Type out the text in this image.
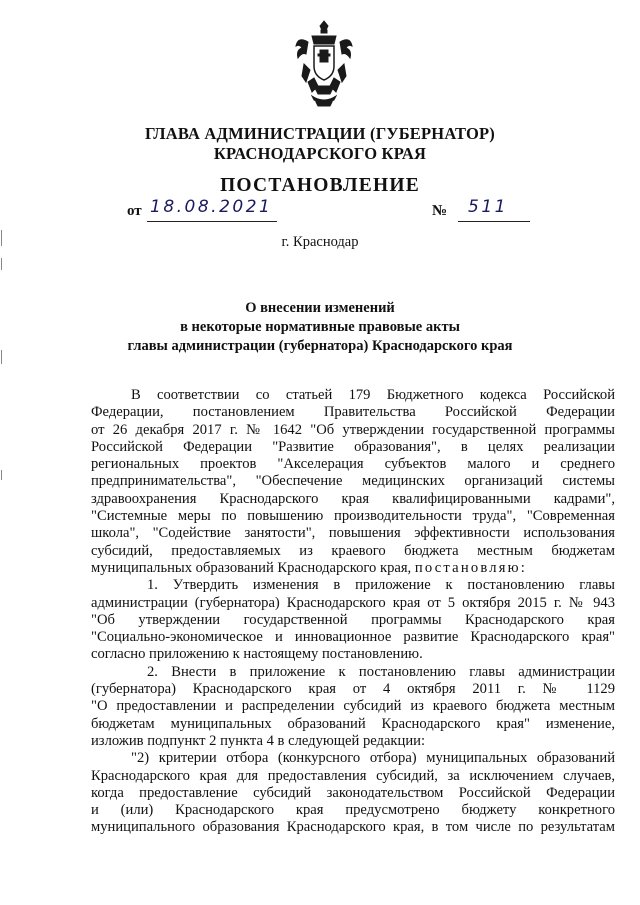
ГЛАВА АДМИНИСТРАЦИИ (ГУБЕРНАТОР)
КРАСНОДАРСКОГО КРАЯ
ПОСТАНОВЛЕНИЕ
от 18.08.2021	№ 511
г. Краснодар
О внесении изменений
в некоторые нормативные правовые акты
главы администрации (губернатора) Краснодарского края
В соответствии со статьей 179 Бюджетного кодекса Российской
Федерации, постановлением Правительства Российской Федерации
от 26 декабря 2017 г. № 1642 "Об утверждении государственной программы
Российской Федерации "Развитие образования", в целях реализации
региональных проектов "Акселерация субъектов малого и среднего
предпринимательства", "Обеспечение медицинских организаций системы
здравоохранения Краснодарского края квалифицированными кадрами",
"Системные меры по повышению производительности труда", "Современная
школа", "Содействие занятости", повышения эффективности использования
субсидий, предоставляемых из краевого бюджета местным бюджетам
муниципальных образований Краснодарского края, постановляю:
1. Утвердить изменения в приложение к постановлению главы
администрации (губернатора) Краснодарского края от 5 октября 2015 г. № 943
"Об утверждении государственной программы Краснодарского края
"Социально-экономическое и инновационное развитие Краснодарского края"
согласно приложению к настоящему постановлению.
2. Внести в приложение к постановлению главы администрации
(губернатора) Краснодарского края от 4 октября 2011 г. № 1129
"О предоставлении и распределении субсидий из краевого бюджета местным
бюджетам муниципальных образований Краснодарского края" изменение,
изложив подпункт 2 пункта 4 в следующей редакции:
"2) критерии отбора (конкурсного отбора) муниципальных образований
Краснодарского края для предоставления субсидий, за исключением случаев,
когда предоставление субсидий законодательством Российской Федерации
и (или) Краснодарского края предусмотрено бюджету конкретного
муниципального образования Краснодарского края, в том числе по результатам
